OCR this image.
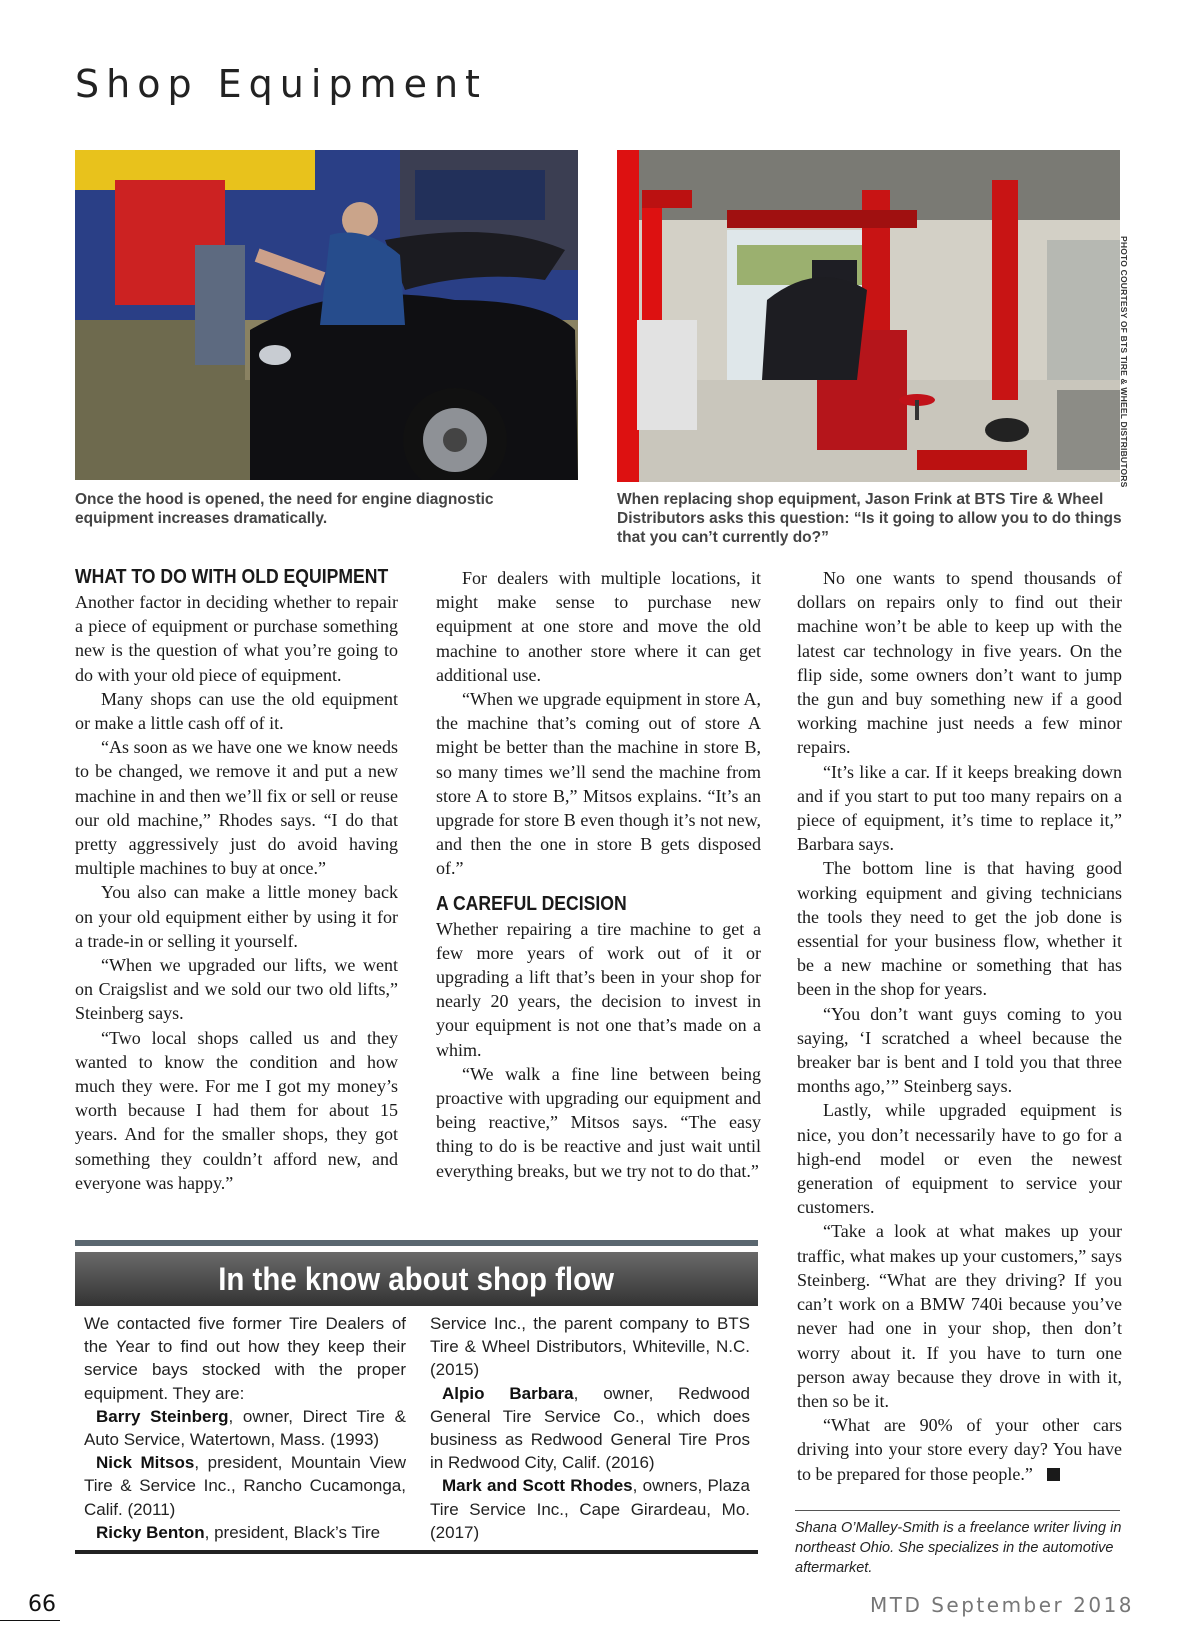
Shop Equipment
PHOTO COURTESY OF BTS TIRE & WHEEL DISTRIBUTORS
Once the hood is opened, the need for engine diagnostic equipment increases dramatically.
When replacing shop equipment, Jason Frink at BTS Tire & Wheel Distributors asks this question: “Is it going to allow you to do things that you can’t currently do?”
WHAT TO DO WITH OLD EQUIPMENT

Another factor in deciding whether to repair a piece of equipment or purchase something new is the question of what you’re going to do with your old piece of equipment.

Many shops can use the old equipment or make a little cash off of it.

“As soon as we have one we know needs to be changed, we remove it and put a new machine in and then we’ll fix or sell or reuse our old machine,” Rhodes says. “I do that pretty aggressively just do avoid having multiple machines to buy at once.”

You also can make a little money back on your old equipment either by using it for a trade-in or selling it yourself.

“When we upgraded our lifts, we went on Craigslist and we sold our two old lifts,” Steinberg says.

“Two local shops called us and they wanted to know the condition and how much they were. For me I got my money’s worth because I had them for about 15 years. And for the smaller shops, they got something they couldn’t afford new, and everyone was happy.”

For dealers with multiple locations, it might make sense to purchase new equipment at one store and move the old machine to another store where it can get additional use.

“When we upgrade equipment in store A, the machine that’s coming out of store A might be better than the machine in store B, so many times we’ll send the machine from store A to store B,” Mitsos explains. “It’s an upgrade for store B even though it’s not new, and then the one in store B gets disposed of.”

A CAREFUL DECISION

Whether repairing a tire machine to get a few more years of work out of it or upgrading a lift that’s been in your shop for nearly 20 years, the decision to invest in your equipment is not one that’s made on a whim.

“We walk a fine line between being proactive with upgrading our equipment and being reactive,” Mitsos says. “The easy thing to do is be reactive and just wait until everything breaks, but we try not to do that.”

No one wants to spend thousands of dollars on repairs only to find out their machine won’t be able to keep up with the latest car technology in five years. On the flip side, some owners don’t want to jump the gun and buy something new if a good working machine just needs a few minor repairs.

“It’s like a car. If it keeps breaking down and if you start to put too many repairs on a piece of equipment, it’s time to replace it,” Barbara says.

The bottom line is that having good working equipment and giving technicians the tools they need to get the job done is essential for your business flow, whether it be a new machine or something that has been in the shop for years.

“You don’t want guys coming to you saying, ‘I scratched a wheel because the breaker bar is bent and I told you that three months ago,’” Steinberg says.

Lastly, while upgraded equipment is nice, you don’t necessarily have to go for a high-end model or even the newest generation of equipment to service your customers.

“Take a look at what makes up your traffic, what makes up your customers,” says Steinberg. “What are they driving? If you can’t work on a BMW 740i because you’ve never had one in your shop, then don’t worry about it. If you have to turn one person away because they drove in with it, then so be it.

“What are 90% of your other cars driving into your store every day? You have to be prepared for those people.”

In the know about shop flow

We contacted five former Tire Dealers of the Year to find out how they keep their service bays stocked with the proper equipment. They are:

Barry Steinberg, owner, Direct Tire & Auto Service, Watertown, Mass. (1993)

Nick Mitsos, president, Mountain View Tire & Service Inc., Rancho Cucamonga, Calif. (2011)

Ricky Benton, president, Black’s Tire

Service Inc., the parent company to BTS Tire & Wheel Distributors, Whiteville, N.C. (2015)

Alpio Barbara, owner, Redwood General Tire Service Co., which does business as Redwood General Tire Pros in Redwood City, Calif. (2016)

Mark and Scott Rhodes, owners, Plaza Tire Service Inc., Cape Girardeau, Mo. (2017)	Shana O’Malley-Smith is a freelance writer living in northeast Ohio. She specializes in the automotive aftermarket.
66	MTD September 2018
